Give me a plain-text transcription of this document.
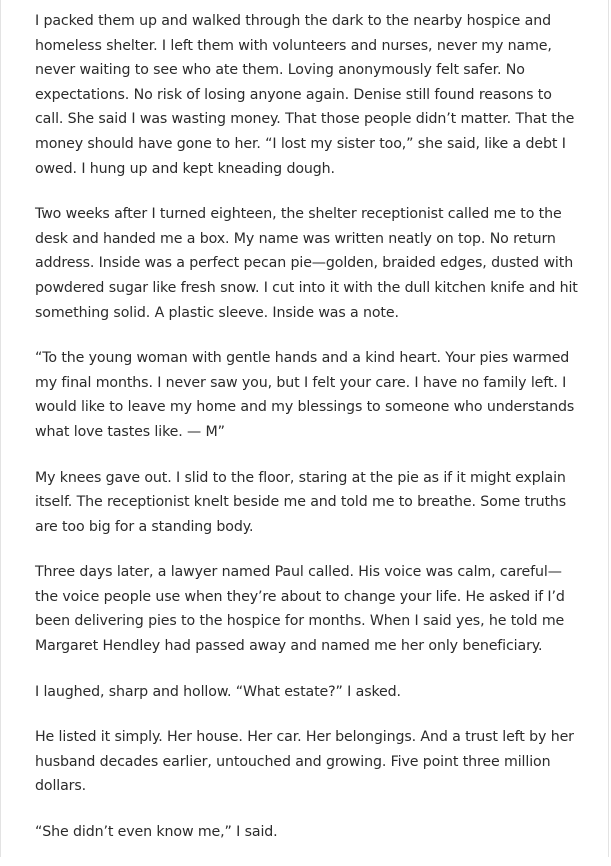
I packed them up and walked through the dark to the nearby hospice and homeless shelter. I left them with volunteers and nurses, never my name, never waiting to see who ate them. Loving anonymously felt safer. No expectations. No risk of losing anyone again. Denise still found reasons to call. She said I was wasting money. That those people didn’t matter. That the money should have gone to her. “I lost my sister too,” she said, like a debt I owed. I hung up and kept kneading dough.

Two weeks after I turned eighteen, the shelter receptionist called me to the desk and handed me a box. My name was written neatly on top. No return address. Inside was a perfect pecan pie—golden, braided edges, dusted with powdered sugar like fresh snow. I cut into it with the dull kitchen knife and hit something solid. A plastic sleeve. Inside was a note.

“To the young woman with gentle hands and a kind heart. Your pies warmed my final months. I never saw you, but I felt your care. I have no family left. I would like to leave my home and my blessings to someone who understands what love tastes like. — M”

My knees gave out. I slid to the floor, staring at the pie as if it might explain itself. The receptionist knelt beside me and told me to breathe. Some truths are too big for a standing body.

Three days later, a lawyer named Paul called. His voice was calm, careful—the voice people use when they’re about to change your life. He asked if I’d been delivering pies to the hospice for months. When I said yes, he told me Margaret Hendley had passed away and named me her only beneficiary.

I laughed, sharp and hollow. “What estate?” I asked.

He listed it simply. Her house. Her car. Her belongings. And a trust left by her husband decades earlier, untouched and growing. Five point three million dollars.

“She didn’t even know me,” I said.
